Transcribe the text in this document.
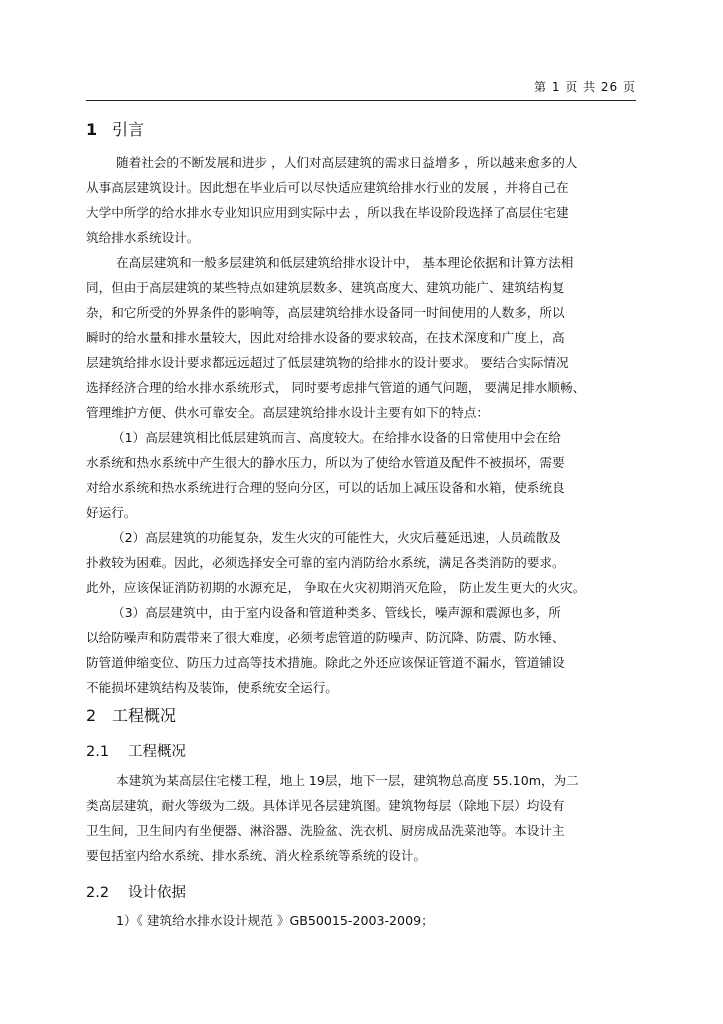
第 1 页 共 26 页
1 引言
随着社会的不断发展和进步 ，人们对高层建筑的需求日益增多 ，所以越来愈多的人
从事高层建筑设计。因此想在毕业后可以尽快适应建筑给排水行业的发展 ，并将自己在
大学中所学的给水排水专业知识应用到实际中去 ，所以我在毕设阶段选择了高层住宅建
筑给排水系统设计。
在高层建筑和一般多层建筑和低层建筑给排水设计中， 基本理论依据和计算方法相
同，但由于高层建筑的某些特点如建筑层数多、建筑高度大、建筑功能广、建筑结构复
杂，和它所受的外界条件的影响等，高层建筑给排水设备同一时间使用的人数多，所以
瞬时的给水量和排水量较大，因此对给排水设备的要求较高，在技术深度和广度上，高
层建筑给排水设计要求都远远超过了低层建筑物的给排水的设计要求。 要结合实际情况
选择经济合理的给水排水系统形式， 同时要考虑排气管道的通气问题， 要满足排水顺畅、
管理维护方便、供水可靠安全。高层建筑给排水设计主要有如下的特点：
（1）高层建筑相比低层建筑而言、高度较大。在给排水设备的日常使用中会在给
水系统和热水系统中产生很大的静水压力，所以为了使给水管道及配件不被损坏，需要
对给水系统和热水系统进行合理的竖向分区，可以的话加上减压设备和水箱，使系统良
好运行。
（2）高层建筑的功能复杂，发生火灾的可能性大，火灾后蔓延迅速，人员疏散及
扑救较为困难。因此，必须选择安全可靠的室内消防给水系统，满足各类消防的要求。
此外，应该保证消防初期的水源充足， 争取在火灾初期消灭危险， 防止发生更大的火灾。
（3）高层建筑中，由于室内设备和管道种类多、管线长，噪声源和震源也多，所
以给防噪声和防震带来了很大难度，必须考虑管道的防噪声、防沉降、防震、防水锤、
防管道伸缩变位、防压力过高等技术措施。除此之外还应该保证管道不漏水，管道铺设
不能损坏建筑结构及装饰，使系统安全运行。
2 工程概况
2.1 工程概况
本建筑为某高层住宅楼工程，地上 19层，地下一层，建筑物总高度 55.10m，为二
类高层建筑，耐火等级为二级。具体详见各层建筑图。建筑物每层（除地下层）均设有
卫生间，卫生间内有坐便器、淋浴器、洗脸盆、洗衣机、厨房成品洗菜池等。本设计主
要包括室内给水系统、排水系统、消火栓系统等系统的设计。
2.2 设计依据
1）《 建筑给水排水设计规范 》GB50015-2003-2009；
